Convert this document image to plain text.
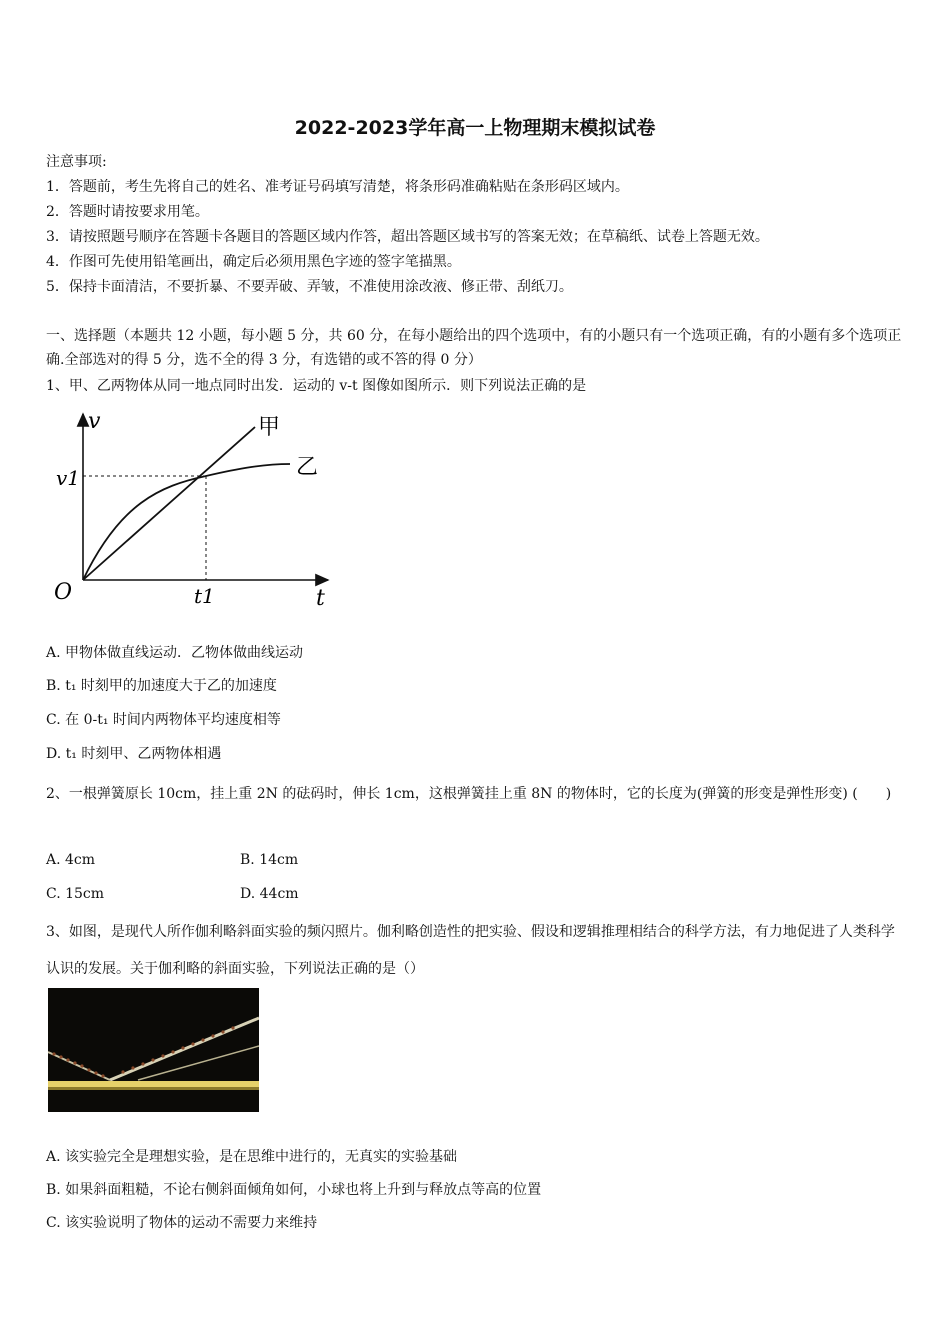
2022-2023学年高一上物理期末模拟试卷
注意事项:
1．答题前，考生先将自己的姓名、准考证号码填写清楚，将条形码准确粘贴在条形码区域内。
2．答题时请按要求用笔。
3．请按照题号顺序在答题卡各题目的答题区域内作答，超出答题区域书写的答案无效；在草稿纸、试卷上答题无效。
4．作图可先使用铅笔画出，确定后必须用黑色字迹的签字笔描黑。
5．保持卡面清洁，不要折暴、不要弄破、弄皱，不准使用涂改液、修正带、刮纸刀。
一、选择题（本题共 12 小题，每小题 5 分，共 60 分，在每小题给出的四个选项中，有的小题只有一个选项正确，有的小题有多个选项正确.全部选对的得 5 分，选不全的得 3 分，有选错的或不答的得 0 分）
1、甲、乙两物体从同一地点同时出发．运动的 v-t 图像如图所示．则下列说法正确的是
v
t
O
v1
t1
甲
乙
A. 甲物体做直线运动．乙物体做曲线运动
B. t₁ 时刻甲的加速度大于乙的加速度
C. 在 0-t₁ 时间内两物体平均速度相等
D. t₁ 时刻甲、乙两物体相遇
2、一根弹簧原长 10cm，挂上重 2N 的砝码时，伸长 1cm，这根弹簧挂上重 8N 的物体时，它的长度为(弹簧的形变是弹性形变) (　　)
A. 4cm	B. 14cm
C. 15cm	D. 44cm
3、如图，是现代人所作伽利略斜面实验的频闪照片。伽利略创造性的把实验、假设和逻辑推理相结合的科学方法，有力地促进了人类科学认识的发展。关于伽利略的斜面实验，下列说法正确的是（）
A. 该实验完全是理想实验，是在思维中进行的，无真实的实验基础
B. 如果斜面粗糙，不论右侧斜面倾角如何，小球也将上升到与释放点等高的位置
C. 该实验说明了物体的运动不需要力来维持
